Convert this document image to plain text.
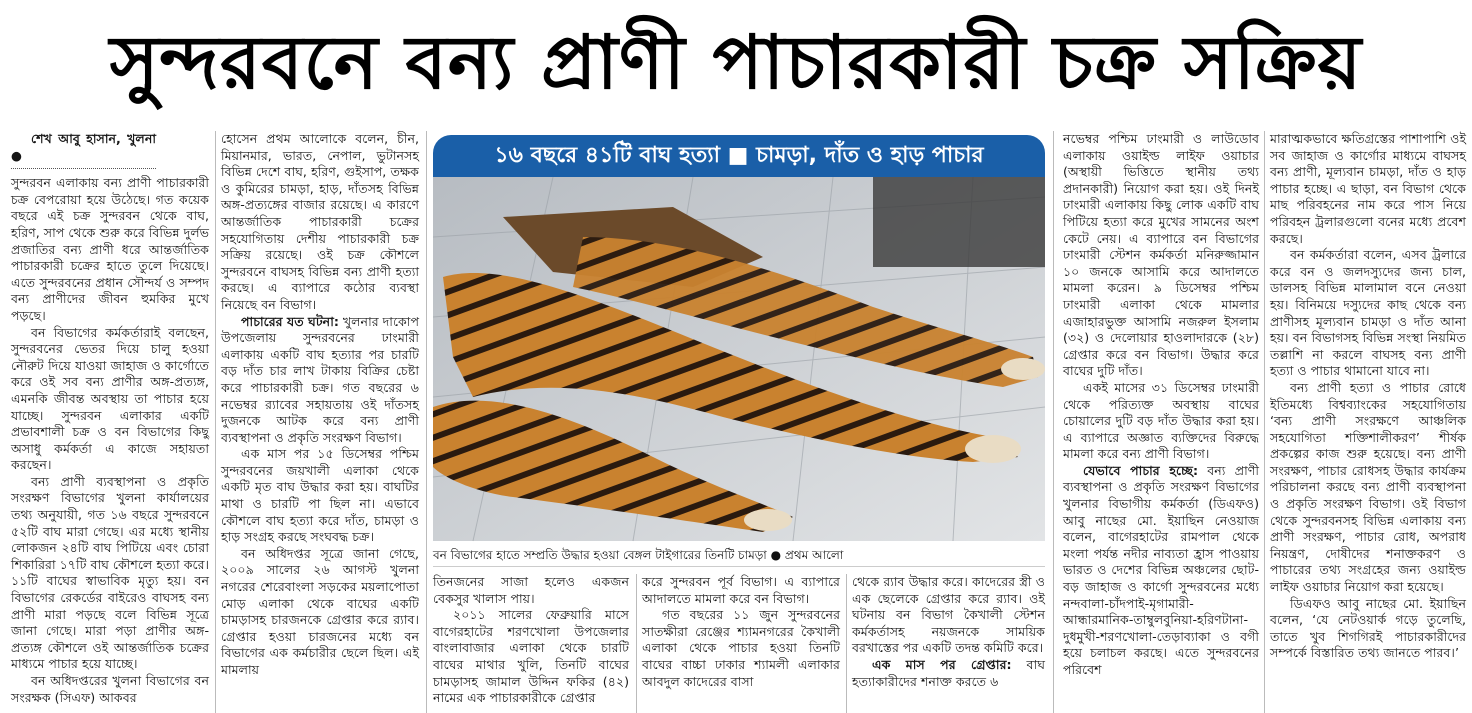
সুন্দরবনে বন্য প্রাণী পাচারকারী চক্র সক্রিয়

শেখ আবু হাসান, খুলনা ●

সুন্দরবন এলাকায় বন্য প্রাণী পাচারকারী চক্র বেপরোয়া হয়ে উঠেছে। গত কয়েক বছরে এই চক্র সুন্দরবন থেকে বাঘ, হরিণ, সাপ থেকে শুরু করে বিভিন্ন দুর্লভ প্রজাতির বন্য প্রাণী ধরে আন্তর্জাতিক পাচারকারী চক্রের হাতে তুলে দিয়েছে। এতে সুন্দরবনের প্রধান সৌন্দর্য ও সম্পদ বন্য প্রাণীদের জীবন হুমকির মুখে পড়ছে।

বন বিভাগের কর্মকর্তারাই বলছেন, সুন্দরবনের ভেতর দিয়ে চালু হওয়া নৌরুট দিয়ে যাওয়া জাহাজ ও কার্গোতে করে ওই সব বন্য প্রাণীর অঙ্গ-প্রত্যঙ্গ, এমনকি জীবন্ত অবস্থায় তা পাচার হয়ে যাচ্ছে। সুন্দরবন এলাকার একটি প্রভাবশালী চক্র ও বন বিভাগের কিছু অসাধু কর্মকর্তা এ কাজে সহায়তা করছেন।

বন্য প্রাণী ব্যবস্থাপনা ও প্রকৃতি সংরক্ষণ বিভাগের খুলনা কার্যালয়ের তথ্য অনুযায়ী, গত ১৬ বছরে সুন্দরবনে ৫২টি বাঘ মারা গেছে। এর মধ্যে স্থানীয় লোকজন ২৪টি বাঘ পিটিয়ে এবং চোরা শিকারিরা ১৭টি বাঘ কৌশলে হত্যা করে। ১১টি বাঘের স্বাভাবিক মৃত্যু হয়। বন বিভাগের রেকর্ডের বাইরেও বাঘসহ বন্য প্রাণী মারা পড়ছে বলে বিভিন্ন সূত্রে জানা গেছে। মারা পড়া প্রাণীর অঙ্গ-প্রত্যঙ্গ কৌশলে ওই আন্তর্জাতিক চক্রের মাধ্যমে পাচার হয়ে যাচ্ছে।

বন অধিদপ্তরের খুলনা বিভাগের বন সংরক্ষক (সিএফ) আকবর

হোসেন প্রথম আলোকে বলেন, চীন, মিয়ানমার, ভারত, নেপাল, ভুটানসহ বিভিন্ন দেশে বাঘ, হরিণ, গুইসাপ, তক্ষক ও কুমিরের চামড়া, হাড়, দাঁতসহ বিভিন্ন অঙ্গ-প্রত্যঙ্গের বাজার রয়েছে। এ কারণে আন্তর্জাতিক পাচারকারী চক্রের সহযোগিতায় দেশীয় পাচারকারী চক্র সক্রিয় রয়েছে। ওই চক্র কৌশলে সুন্দরবনে বাঘসহ বিভিন্ন বন্য প্রাণী হত্যা করছে। এ ব্যাপারে কঠোর ব্যবস্থা নিয়েছে বন বিভাগ।

পাচারের যত ঘটনা: খুলনার দাকোপ উপজেলায় সুন্দরবনের ঢাংমারী এলাকায় একটি বাঘ হত্যার পর চারটি বড় দাঁত চার লাখ টাকায় বিক্রির চেষ্টা করে পাচারকারী চক্র। গত বছরের ৬ নভেম্বর র‍্যাবের সহায়তায় ওই দাঁতসহ দুজনকে আটক করে বন্য প্রাণী ব্যবস্থাপনা ও প্রকৃতি সংরক্ষণ বিভাগ।

এক মাস পর ১৫ ডিসেম্বর পশ্চিম সুন্দরবনের জয়খালী এলাকা থেকে একটি মৃত বাঘ উদ্ধার করা হয়। বাঘটির মাথা ও চারটি পা ছিল না। এভাবে কৌশলে বাঘ হত্যা করে দাঁত, চামড়া ও হাড় সংগ্রহ করছে সংঘবদ্ধ চক্র।

বন অধিদপ্তর সূত্রে জানা গেছে, ২০০৯ সালের ২৬ আগস্ট খুলনা নগরের শেরেবাংলা সড়কের ময়লাপোতা মোড় এলাকা থেকে বাঘের একটি চামড়াসহ চারজনকে গ্রেপ্তার করে র‍্যাব। গ্রেপ্তার হওয়া চারজনের মধ্যে বন বিভাগের এক কর্মচারীর ছেলে ছিল। এই মামলায়

১৬ বছরে ৪১টি বাঘ হত্যা ■ চামড়া, দাঁত ও হাড় পাচার
বন বিভাগের হাতে সম্প্রতি উদ্ধার হওয়া বেঙ্গল টাইগারের তিনটি চামড়া ● প্রথম আলো

তিনজনের সাজা হলেও একজন বেকসুর খালাস পায়।

২০১১ সালের ফেব্রুয়ারি মাসে বাগেরহাটের শরণখোলা উপজেলার বাংলাবাজার এলাকা থেকে চারটি বাঘের মাথার খুলি, তিনটি বাঘের চামড়াসহ জামাল উদ্দিন ফকির (৪২) নামের এক পাচারকারীকে গ্রেপ্তার

করে সুন্দরবন পূর্ব বিভাগ। এ ব্যাপারে আদালতে মামলা করে বন বিভাগ।

গত বছরের ১১ জুন সুন্দরবনের সাতক্ষীরা রেঞ্জের শ্যামনগরের কৈখালী এলাকা থেকে পাচার হওয়া তিনটি বাঘের বাচ্চা ঢাকার শ্যামলী এলাকার আবদুল কাদেরের বাসা

থেকে র‍্যাব উদ্ধার করে। কাদেরের স্ত্রী ও এক ছেলেকে গ্রেপ্তার করে র‍্যাব। ওই ঘটনায় বন বিভাগ কৈখালী স্টেশন কর্মকর্তাসহ নয়জনকে সাময়িক বরখাস্তের পর একটি তদন্ত কমিটি করে।

এক মাস পর গ্রেপ্তার: বাঘ হত্যাকারীদের শনাক্ত করতে ৬

নভেম্বর পশ্চিম ঢাংমারী ও লাউডোব এলাকায় ওয়াইল্ড লাইফ ওয়াচার (অস্থায়ী ভিত্তিতে স্থানীয় তথ্য প্রদানকারী) নিয়োগ করা হয়। ওই দিনই ঢাংমারী এলাকায় কিছু লোক একটি বাঘ পিটিয়ে হত্যা করে মুখের সামনের অংশ কেটে নেয়। এ ব্যাপারে বন বিভাগের ঢাংমারী স্টেশন কর্মকর্তা মনিরুজ্জামান ১০ জনকে আসামি করে আদালতে মামলা করেন। ৯ ডিসেম্বর পশ্চিম ঢাংমারী এলাকা থেকে মামলার এজাহারভুক্ত আসামি নজরুল ইসলাম (৩২) ও দেলোয়ার হাওলাদারকে (২৮) গ্রেপ্তার করে বন বিভাগ। উদ্ধার করে বাঘের দুটি দাঁত।

একই মাসের ৩১ ডিসেম্বর ঢাংমারী থেকে পরিত্যক্ত অবস্থায় বাঘের চোয়ালের দুটি বড় দাঁত উদ্ধার করা হয়। এ ব্যাপারে অজ্ঞাত ব্যক্তিদের বিরুদ্ধে মামলা করে বন্য প্রাণী বিভাগ।

যেভাবে পাচার হচ্ছে: বন্য প্রাণী ব্যবস্থাপনা ও প্রকৃতি সংরক্ষণ বিভাগের খুলনার বিভাগীয় কর্মকর্তা (ডিএফও) আবু নাছের মো. ইয়াছিন নেওয়াজ বলেন, বাগেরহাটের রামপাল থেকে মংলা পর্যন্ত নদীর নাব্যতা হ্রাস পাওয়ায় ভারত ও দেশের বিভিন্ন অঞ্চলের ছোট-বড় জাহাজ ও কার্গো সুন্দরবনের মধ্যে নন্দবালা-চাঁদপাই-মৃগামারী-আন্ধারমানিক-তাম্বুলবুনিয়া-হরিণটানা-দুধমুখী-শরণখোলা-তেড়াব্যাকা ও বগী হয়ে চলাচল করছে। এতে সুন্দরবনের পরিবেশ

মারাত্মকভাবে ক্ষতিগ্রস্তের পাশাপাশি ওই সব জাহাজ ও কার্গোর মাধ্যমে বাঘসহ বন্য প্রাণী, মূল্যবান চামড়া, দাঁত ও হাড় পাচার হচ্ছে। এ ছাড়া, বন বিভাগ থেকে মাছ পরিবহনের নাম করে পাস নিয়ে পরিবহন ট্রলারগুলো বনের মধ্যে প্রবেশ করছে।

বন কর্মকর্তারা বলেন, এসব ট্রলারে করে বন ও জলদস্যুদের জন্য চাল, ডালসহ বিভিন্ন মালামাল বনে নেওয়া হয়। বিনিময়ে দস্যুদের কাছ থেকে বন্য প্রাণীসহ মূল্যবান চামড়া ও দাঁত আনা হয়। বন বিভাগসহ বিভিন্ন সংস্থা নিয়মিত তল্লাশি না করলে বাঘসহ বন্য প্রাণী হত্যা ও পাচার থামানো যাবে না।

বন্য প্রাণী হত্যা ও পাচার রোধে ইতিমধ্যে বিশ্বব্যাংকের সহযোগিতায় ‘বন্য প্রাণী সংরক্ষণে আঞ্চলিক সহযোগিতা শক্তিশালীকরণ’ শীর্ষক প্রকল্পের কাজ শুরু হয়েছে। বন্য প্রাণী সংরক্ষণ, পাচার রোধসহ উদ্ধার কার্যক্রম পরিচালনা করছে বন্য প্রাণী ব্যবস্থাপনা ও প্রকৃতি সংরক্ষণ বিভাগ। ওই বিভাগ থেকে সুন্দরবনসহ বিভিন্ন এলাকায় বন্য প্রাণী সংরক্ষণ, পাচার রোধ, অপরাধ নিয়ন্ত্রণ, দোষীদের শনাক্তকরণ ও পাচারের তথ্য সংগ্রহের জন্য ওয়াইল্ড লাইফ ওয়াচার নিয়োগ করা হয়েছে।

ডিএফও আবু নাছের মো. ইয়াছিন বলেন, ‘যে নেটওয়ার্ক গড়ে তুলেছি, তাতে খুব শিগগিরই পাচারকারীদের সম্পর্কে বিস্তারিত তথ্য জানতে পারব।’
